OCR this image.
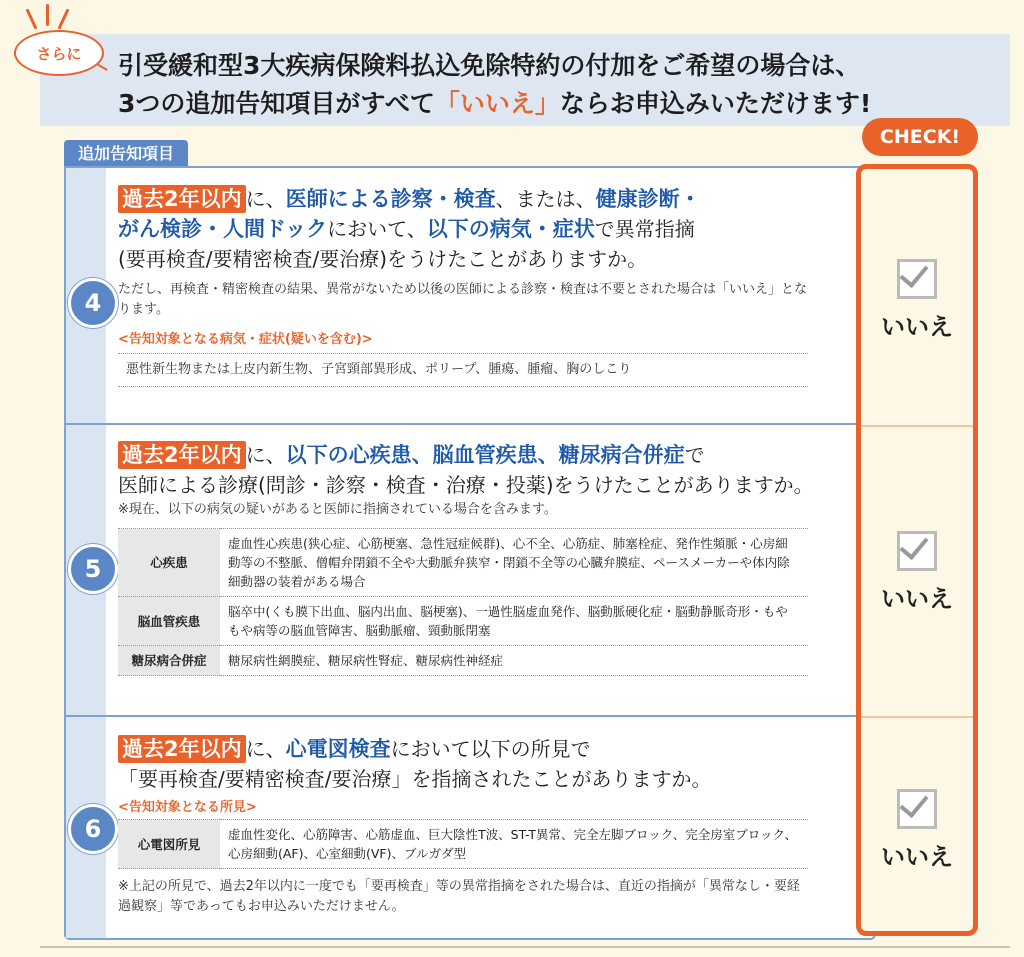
さらに	引受緩和型3大疾病保険料払込免除特約の付加をご希望の場合は、
3つの追加告知項目がすべて「いいえ」ならお申込みいただけます!
追加告知項目
4
過去2年以内 に、医師による診察・検査、または、健康診断・
がん検診・人間ドックにおいて、以下の病気・症状で異常指摘
(要再検査/要精密検査/要治療)をうけたことがありますか。
ただし、再検査・精密検査の結果、異常がないため以後の医師による診察・検査は不要とされた場合は「いいえ」となります。
<告知対象となる病気・症状(疑いを含む)>
悪性新生物または上皮内新生物、子宮頸部異形成、ポリープ、腫瘍、腫瘤、胸のしこり
5
過去2年以内 に、以下の心疾患、脳血管疾患、糖尿病合併症で
医師による診療(問診・診察・検査・治療・投薬)をうけたことがありますか。
※現在、以下の病気の疑いがあると医師に指摘されている場合を含みます。
心疾患	虚血性心疾患(狭心症、心筋梗塞、急性冠症候群)、心不全、心筋症、肺塞栓症、発作性頻脈・心房細動等の不整脈、僧帽弁閉鎖不全や大動脈弁狭窄・閉鎖不全等の心臓弁膜症、ペースメーカーや体内除細動器の装着がある場合
脳血管疾患	脳卒中(くも膜下出血、脳内出血、脳梗塞)、一過性脳虚血発作、脳動脈硬化症・脳動静脈奇形・もやもや病等の脳血管障害、脳動脈瘤、頸動脈閉塞
糖尿病合併症	糖尿病性網膜症、糖尿病性腎症、糖尿病性神経症
6
過去2年以内 に、心電図検査において以下の所見で
「要再検査/要精密検査/要治療」を指摘されたことがありますか。
<告知対象となる所見>
心電図所見	虚血性変化、心筋障害、心筋虚血、巨大陰性T波、ST-T異常、完全左脚ブロック、完全房室ブロック、心房細動(AF)、心室細動(VF)、ブルガダ型
※上記の所見で、過去2年以内に一度でも「要再検査」等の異常指摘をされた場合は、直近の指摘が「異常なし・要経過観察」等であってもお申込みいただけません。
CHECK!
いいえ
いいえ
いいえ
